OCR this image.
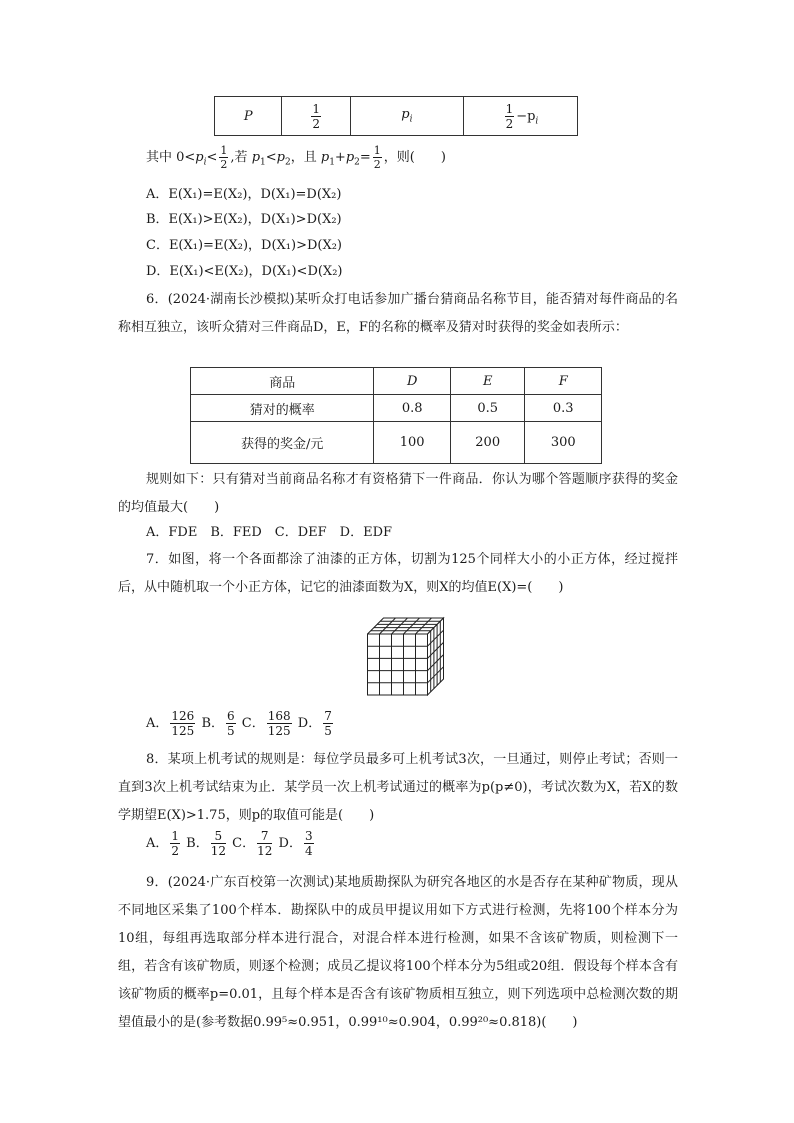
P	$\frac{1}{2}$	$p_i$	$\frac{1}{2} -p_i$
其中 $0<p_i< \frac{1}{2}$ ,若 $p_1<p_2$，且 $p_1+p_2= \frac{1}{2}$ ，则(　　)
A．E(X₁)=E(X₂)，D(X₁)=D(X₂)
B．E(X₁)>E(X₂)，D(X₁)>D(X₂)
C．E(X₁)=E(X₂)，D(X₁)>D(X₂)
D．E(X₁)<E(X₂)，D(X₁)<D(X₂)

6．(2024·湖南长沙模拟)某听众打电话参加广播台猜商品名称节目，能否猜对每件商品的名称相互独立，该听众猜对三件商品D，E，F的名称的概率及猜对时获得的奖金如表所示：

商品	D	E	F
猜对的概率	0.8	0.5	0.3
获得的奖金/元	100	200	300

规则如下：只有猜对当前商品名称才有资格猜下一件商品．你认为哪个答题顺序获得的奖金的均值最大(　　)

A．FDE　B．FED　C．DEF　D．EDF

7．如图，将一个各面都涂了油漆的正方体，切割为125个同样大小的小正方体，经过搅拌后，从中随机取一个小正方体，记它的油漆面数为X，则X的均值E(X)=(　　)

A． $\frac{126}{125}$ B． $\frac{6}{5}$ C． $\frac{168}{125}$ D． $\frac{7}{5}$

8．某项上机考试的规则是：每位学员最多可上机考试3次，一旦通过，则停止考试；否则一直到3次上机考试结束为止．某学员一次上机考试通过的概率为p(p≠0)，考试次数为X，若X的数学期望E(X)>1.75，则p的取值可能是(　　)

A． $\frac{1}{2}$ B． $\frac{5}{12}$ C． $\frac{7}{12}$ D． $\frac{3}{4}$

9．(2024·广东百校第一次测试)某地质勘探队为研究各地区的水是否存在某种矿物质，现从不同地区采集了100个样本．勘探队中的成员甲提议用如下方式进行检测，先将100个样本分为10组，每组再选取部分样本进行混合，对混合样本进行检测，如果不含该矿物质，则检测下一组，若含有该矿物质，则逐个检测；成员乙提议将100个样本分为5组或20组．假设每个样本含有该矿物质的概率p=0.01，且每个样本是否含有该矿物质相互独立，则下列选项中总检测次数的期望值最小的是(参考数据0.99⁵≈0.951，0.99¹⁰≈0.904，0.99²⁰≈0.818)(　　)
